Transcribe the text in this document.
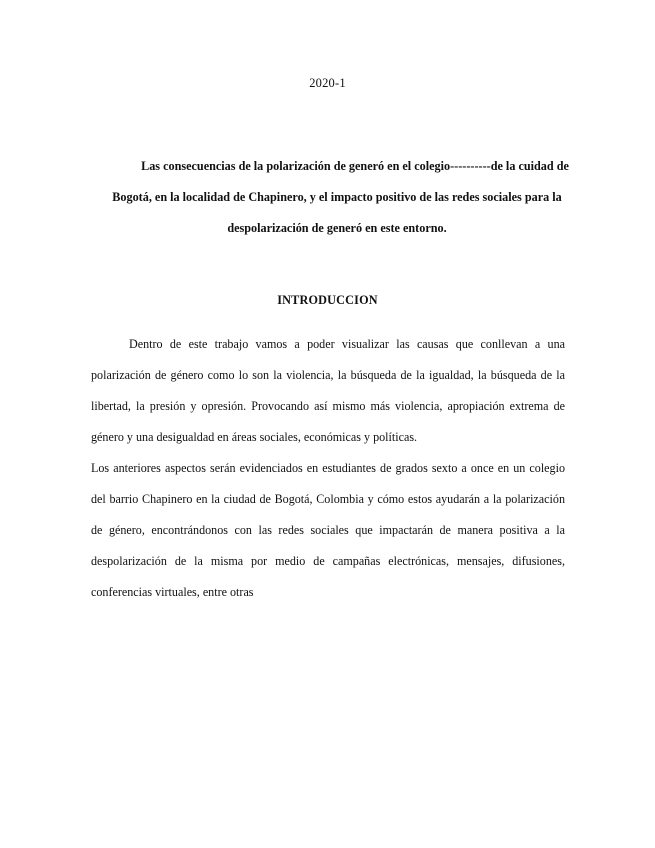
2020-1
Las consecuencias de la polarización de generó en el colegio----------de la cuidad de Bogotá, en la localidad de Chapinero, y el impacto positivo de las redes sociales para la despolarización de generó en este entorno.
INTRODUCCION

Dentro de este trabajo vamos a poder visualizar las causas que conllevan a una polarización de género como lo son la violencia, la búsqueda de la igualdad, la búsqueda de la libertad, la presión y opresión. Provocando así mismo más violencia, apropiación extrema de género y una desigualdad en áreas sociales, económicas y políticas.

Los anteriores aspectos serán evidenciados en estudiantes de grados sexto a once en un colegio del barrio Chapinero en la ciudad de Bogotá, Colombia y cómo estos ayudarán a la polarización de género, encontrándonos con las redes sociales que impactarán de manera positiva a la despolarización de la misma por medio de campañas electrónicas, mensajes, difusiones, conferencias virtuales, entre otras
